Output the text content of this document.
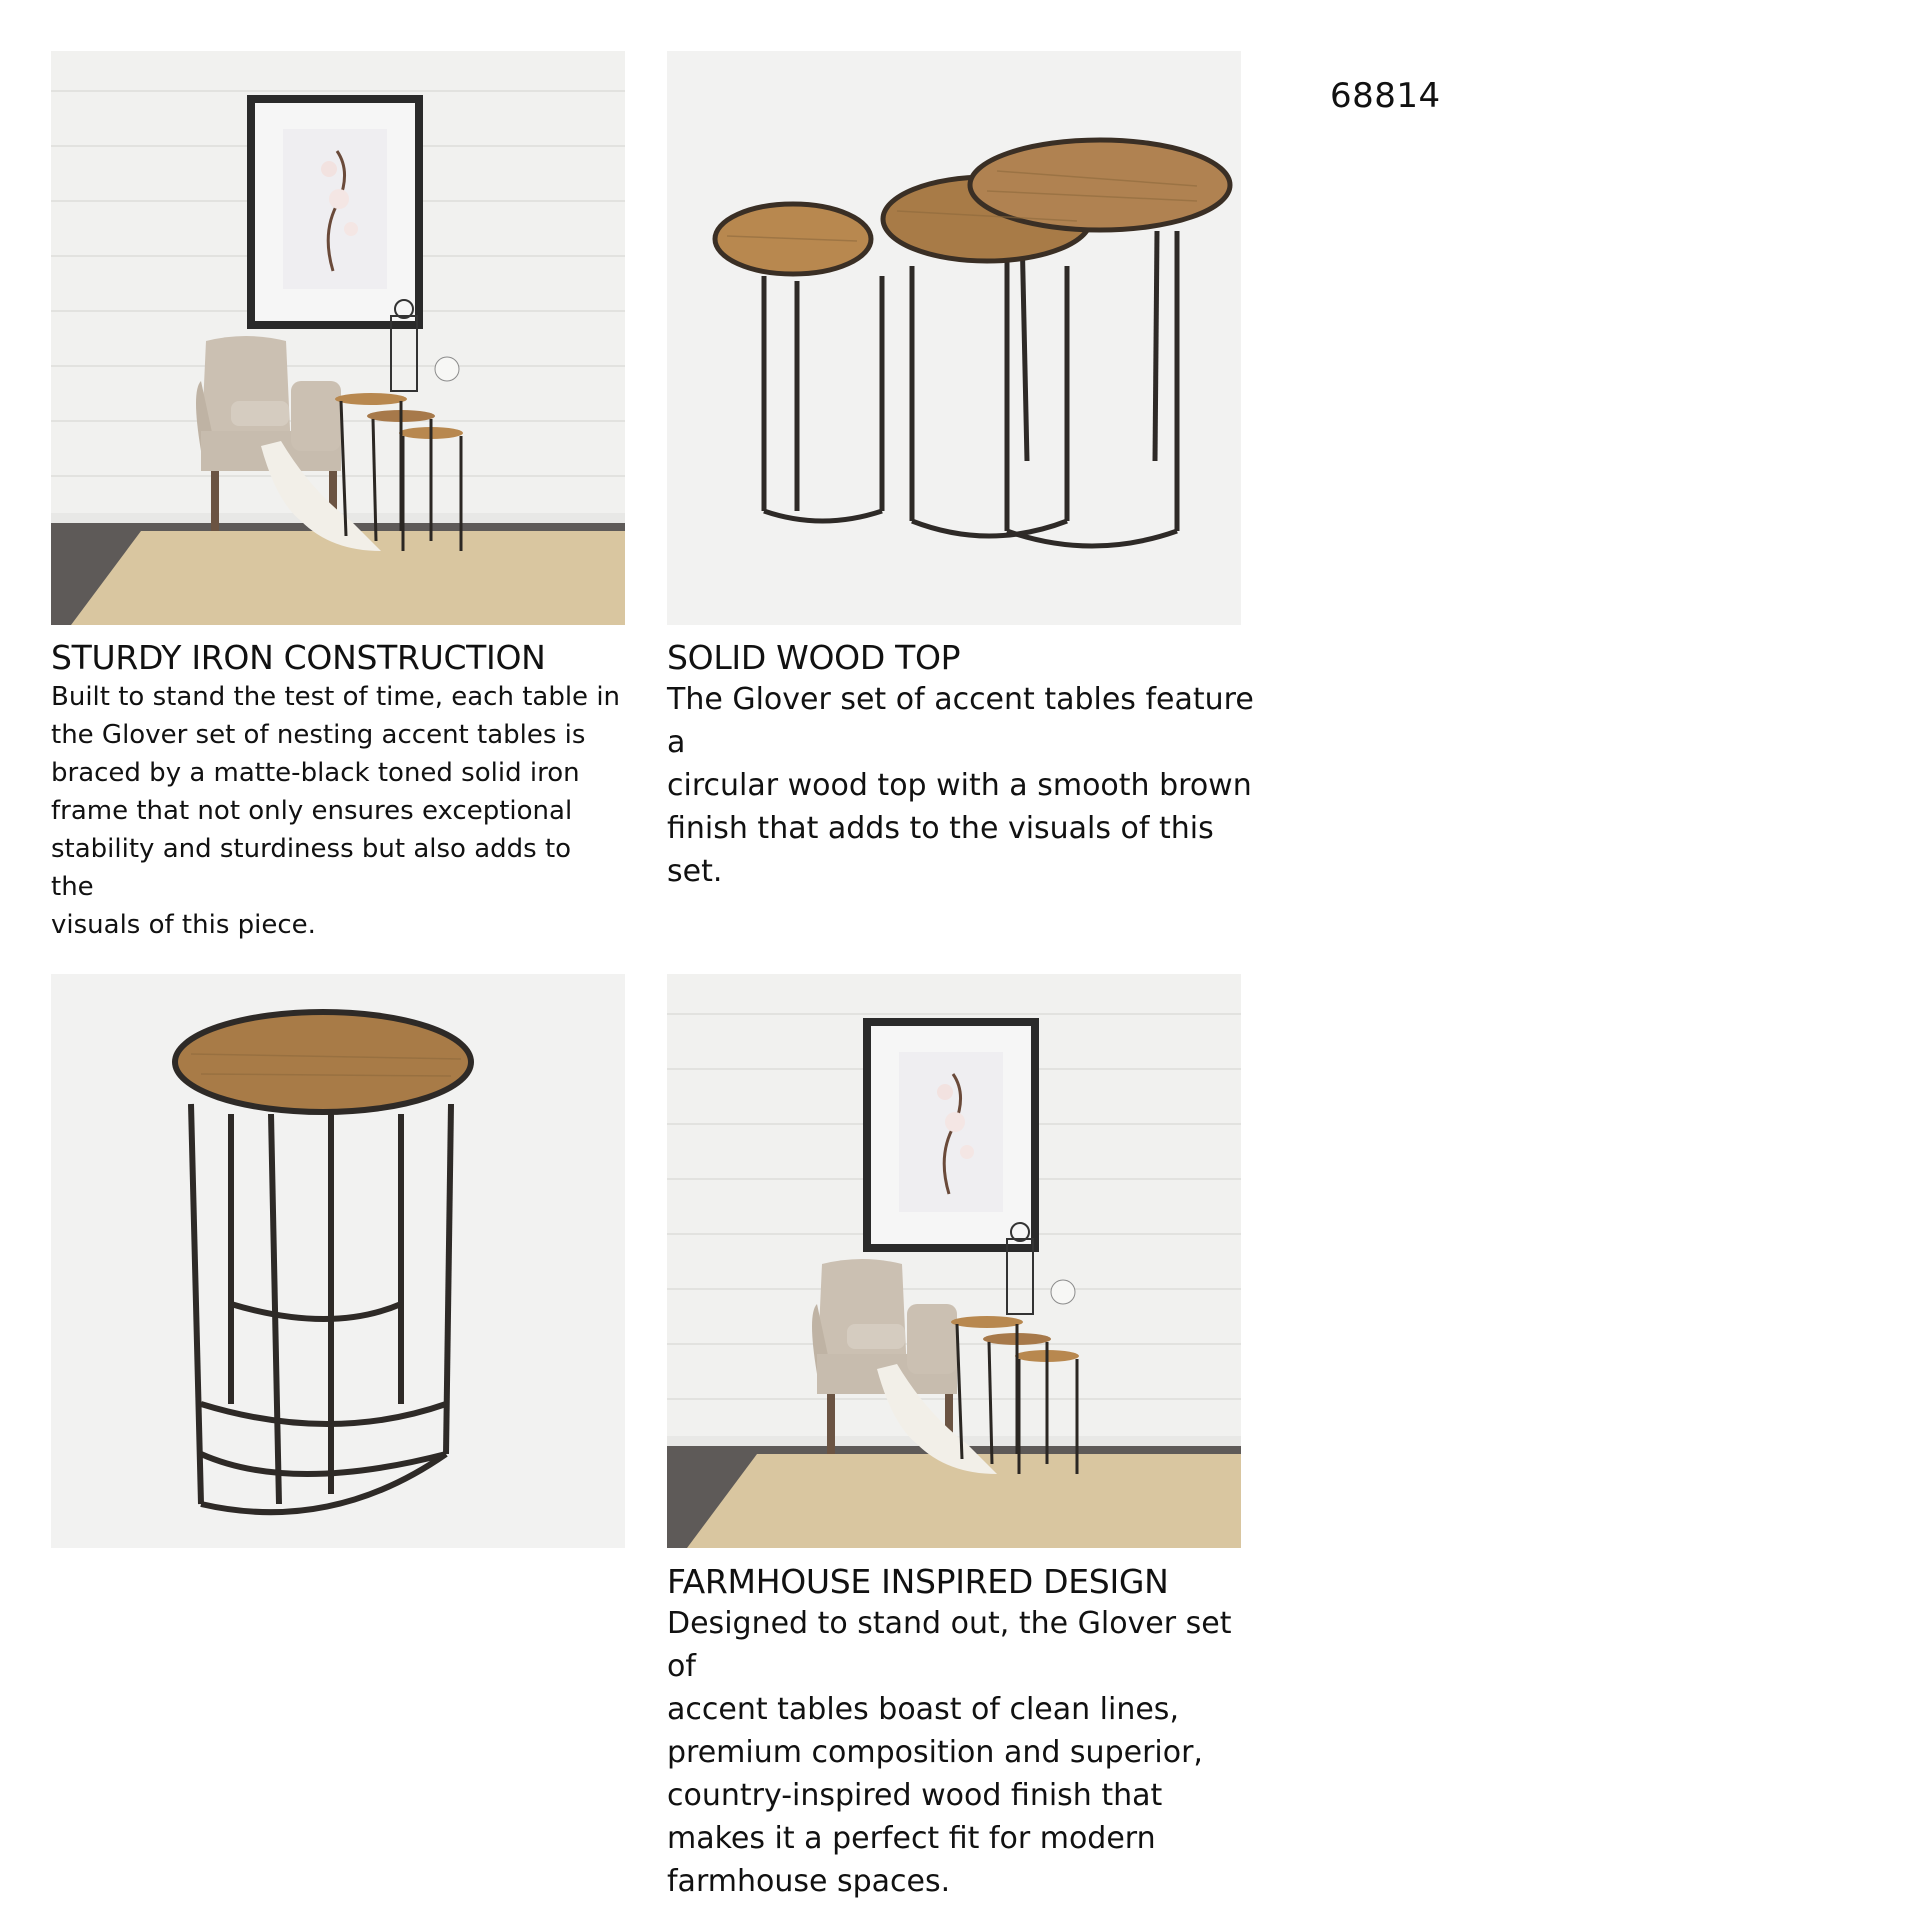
68814
STURDY IRON CONSTRUCTION
Built to stand the test of time, each table in
the Glover set of nesting accent tables is
braced by a matte-black toned solid iron
frame that not only ensures exceptional
stability and sturdiness but also adds to the
visuals of this piece.
SOLID WOOD TOP
The Glover set of accent tables feature a
circular wood top with a smooth brown
finish that adds to the visuals of this set.
FARMHOUSE INSPIRED DESIGN
Designed to stand out, the Glover set of
accent tables boast of clean lines,
premium composition and superior,
country-inspired wood finish that
makes it a perfect fit for modern
farmhouse spaces.
